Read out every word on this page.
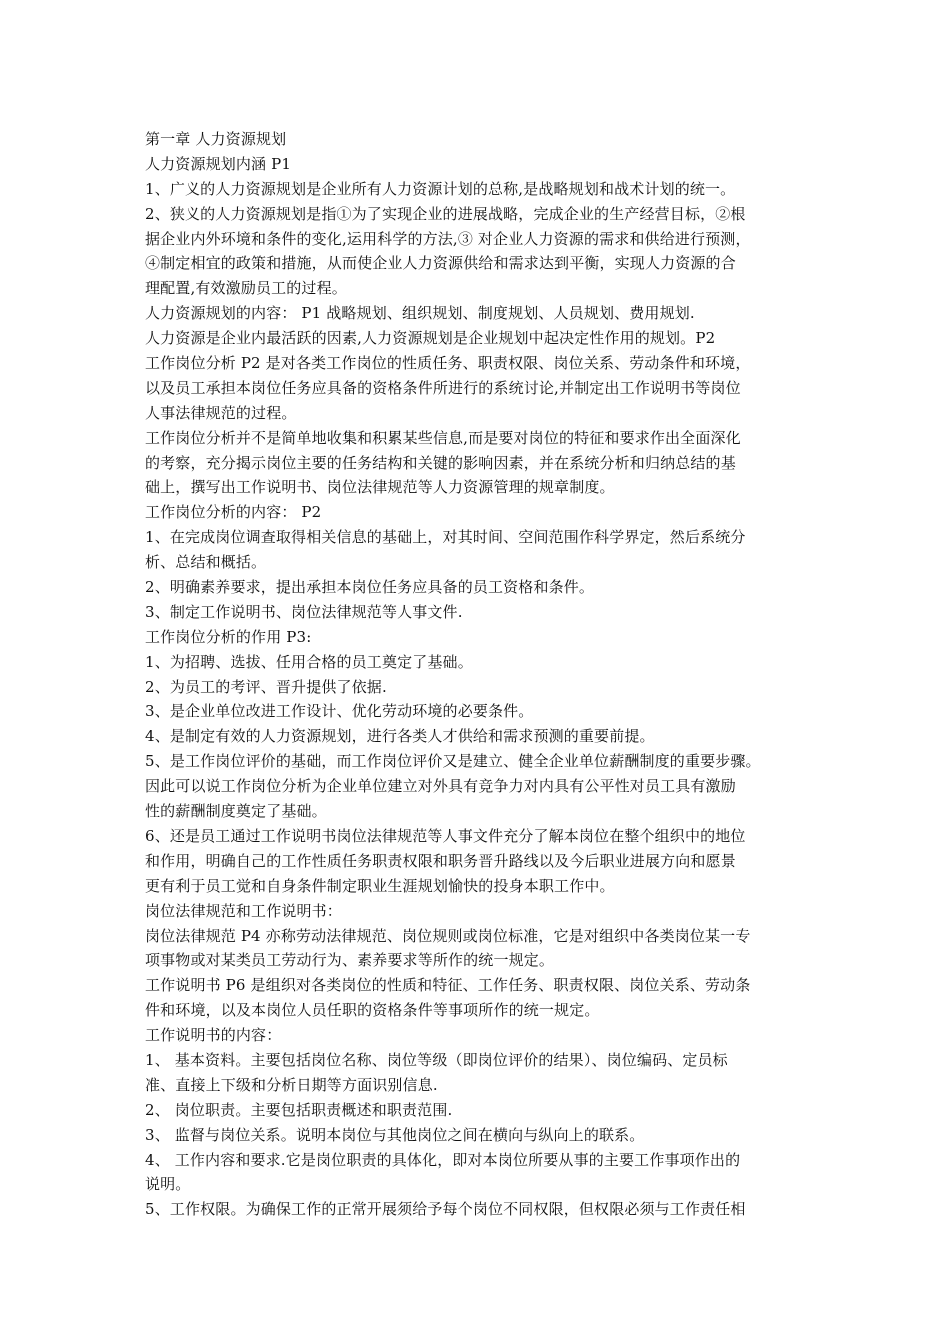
第一章 人力资源规划
人力资源规划内涵 P1
1、广义的人力资源规划是企业所有人力资源计划的总称,是战略规划和战术计划的统一。
2、狭义的人力资源规划是指①为了实现企业的进展战略，完成企业的生产经营目标，②根
据企业内外环境和条件的变化,运用科学的方法,③ 对企业人力资源的需求和供给进行预测，
④制定相宜的政策和措施，从而使企业人力资源供给和需求达到平衡，实现人力资源的合
理配置,有效激励员工的过程。
人力资源规划的内容： P1 战略规划、组织规划、制度规划、人员规划、费用规划.
人力资源是企业内最活跃的因素,人力资源规划是企业规划中起决定性作用的规划。P2
工作岗位分析 P2 是对各类工作岗位的性质任务、职责权限、岗位关系、劳动条件和环境，
以及员工承担本岗位任务应具备的资格条件所进行的系统讨论,并制定出工作说明书等岗位
人事法律规范的过程。
工作岗位分析并不是简单地收集和积累某些信息,而是要对岗位的特征和要求作出全面深化
的考察，充分揭示岗位主要的任务结构和关键的影响因素，并在系统分析和归纳总结的基
础上，撰写出工作说明书、岗位法律规范等人力资源管理的规章制度。
工作岗位分析的内容： P2
1、在完成岗位调查取得相关信息的基础上，对其时间、空间范围作科学界定，然后系统分
析、总结和概括。
2、明确素养要求，提出承担本岗位任务应具备的员工资格和条件。
3、制定工作说明书、岗位法律规范等人事文件.
工作岗位分析的作用 P3:
1、为招聘、选拔、任用合格的员工奠定了基础。
2、为员工的考评、晋升提供了依据.
3、是企业单位改进工作设计、优化劳动环境的必要条件。
4、是制定有效的人力资源规划，进行各类人才供给和需求预测的重要前提。
5、是工作岗位评价的基础，而工作岗位评价又是建立、健全企业单位薪酬制度的重要步骤。
因此可以说工作岗位分析为企业单位建立对外具有竞争力对内具有公平性对员工具有激励
性的薪酬制度奠定了基础。
6、还是员工通过工作说明书岗位法律规范等人事文件充分了解本岗位在整个组织中的地位
和作用，明确自己的工作性质任务职责权限和职务晋升路线以及今后职业进展方向和愿景
更有利于员工觉和自身条件制定职业生涯规划愉快的投身本职工作中。
岗位法律规范和工作说明书：
岗位法律规范 P4 亦称劳动法律规范、岗位规则或岗位标准，它是对组织中各类岗位某一专
项事物或对某类员工劳动行为、素养要求等所作的统一规定。
工作说明书 P6 是组织对各类岗位的性质和特征、工作任务、职责权限、岗位关系、劳动条
件和环境，以及本岗位人员任职的资格条件等事项所作的统一规定。
工作说明书的内容：
1、 基本资料。主要包括岗位名称、岗位等级（即岗位评价的结果）、岗位编码、定员标
准、直接上下级和分析日期等方面识别信息.
2、 岗位职责。主要包括职责概述和职责范围.
3、 监督与岗位关系。说明本岗位与其他岗位之间在横向与纵向上的联系。
4、 工作内容和要求.它是岗位职责的具体化，即对本岗位所要从事的主要工作事项作出的
说明。
5、工作权限。为确保工作的正常开展须给予每个岗位不同权限，但权限必须与工作责任相
